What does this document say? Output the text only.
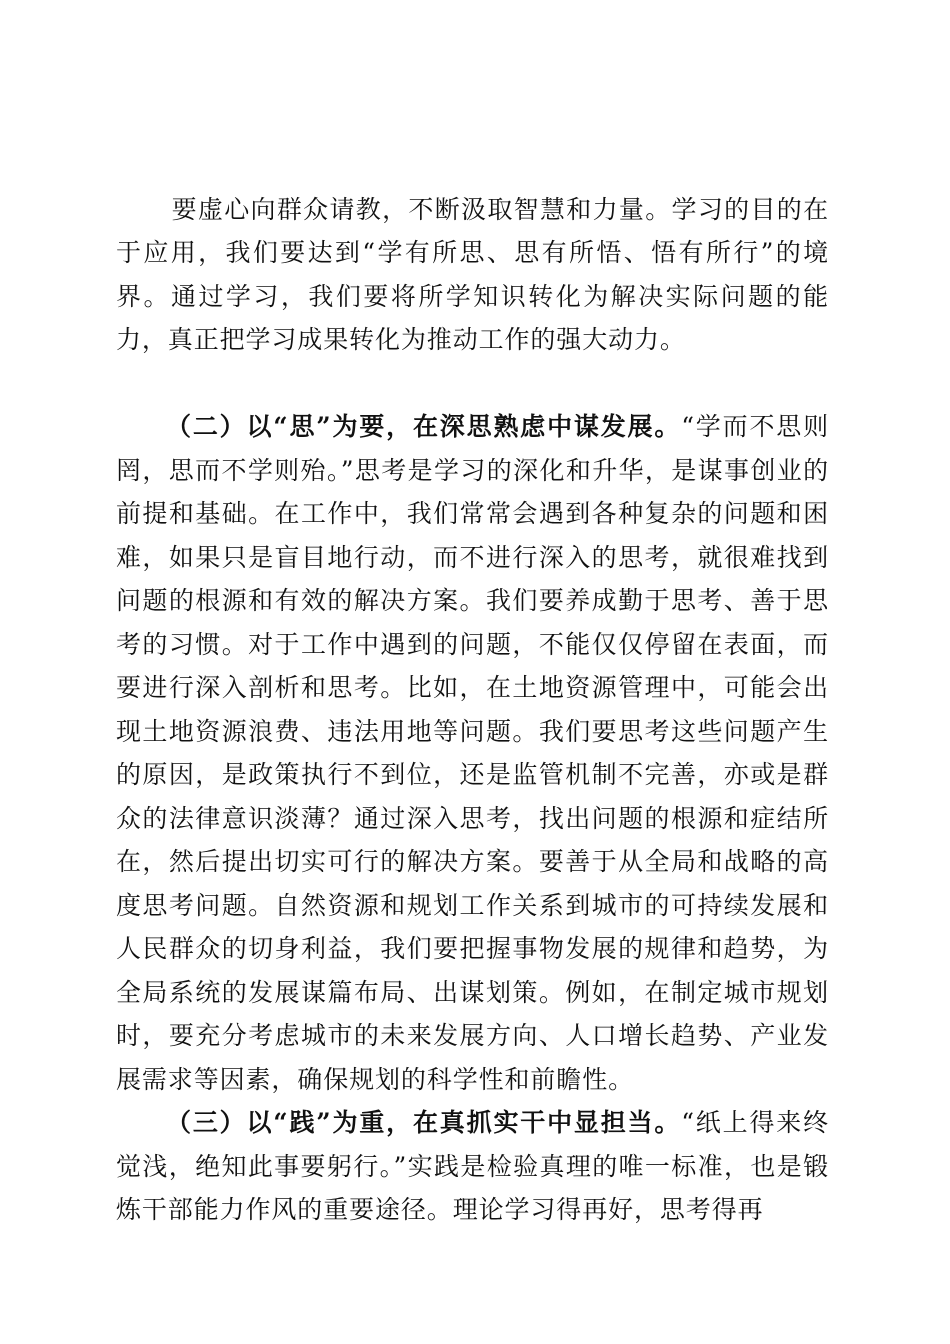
要虚心向群众请教，不断汲取智慧和力量。学习的目的在于应用，我们要达到“学有所思、思有所悟、悟有所行”的境界。通过学习，我们要将所学知识转化为解决实际问题的能力，真正把学习成果转化为推动工作的强大动力。

（二）以“思”为要，在深思熟虑中谋发展。“学而不思则罔，思而不学则殆。”思考是学习的深化和升华，是谋事创业的前提和基础。在工作中，我们常常会遇到各种复杂的问题和困难，如果只是盲目地行动，而不进行深入的思考，就很难找到问题的根源和有效的解决方案。我们要养成勤于思考、善于思考的习惯。对于工作中遇到的问题，不能仅仅停留在表面，而要进行深入剖析和思考。比如，在土地资源管理中，可能会出现土地资源浪费、违法用地等问题。我们要思考这些问题产生的原因，是政策执行不到位，还是监管机制不完善，亦或是群众的法律意识淡薄？通过深入思考，找出问题的根源和症结所在，然后提出切实可行的解决方案。要善于从全局和战略的高度思考问题。自然资源和规划工作关系到城市的可持续发展和人民群众的切身利益，我们要把握事物发展的规律和趋势，为全局系统的发展谋篇布局、出谋划策。例如，在制定城市规划时，要充分考虑城市的未来发展方向、人口增长趋势、产业发展需求等因素，确保规划的科学性和前瞻性。

（三）以“践”为重，在真抓实干中显担当。“纸上得来终觉浅，绝知此事要躬行。”实践是检验真理的唯一标准，也是锻炼干部能力作风的重要途径。理论学习得再好，思考得再
